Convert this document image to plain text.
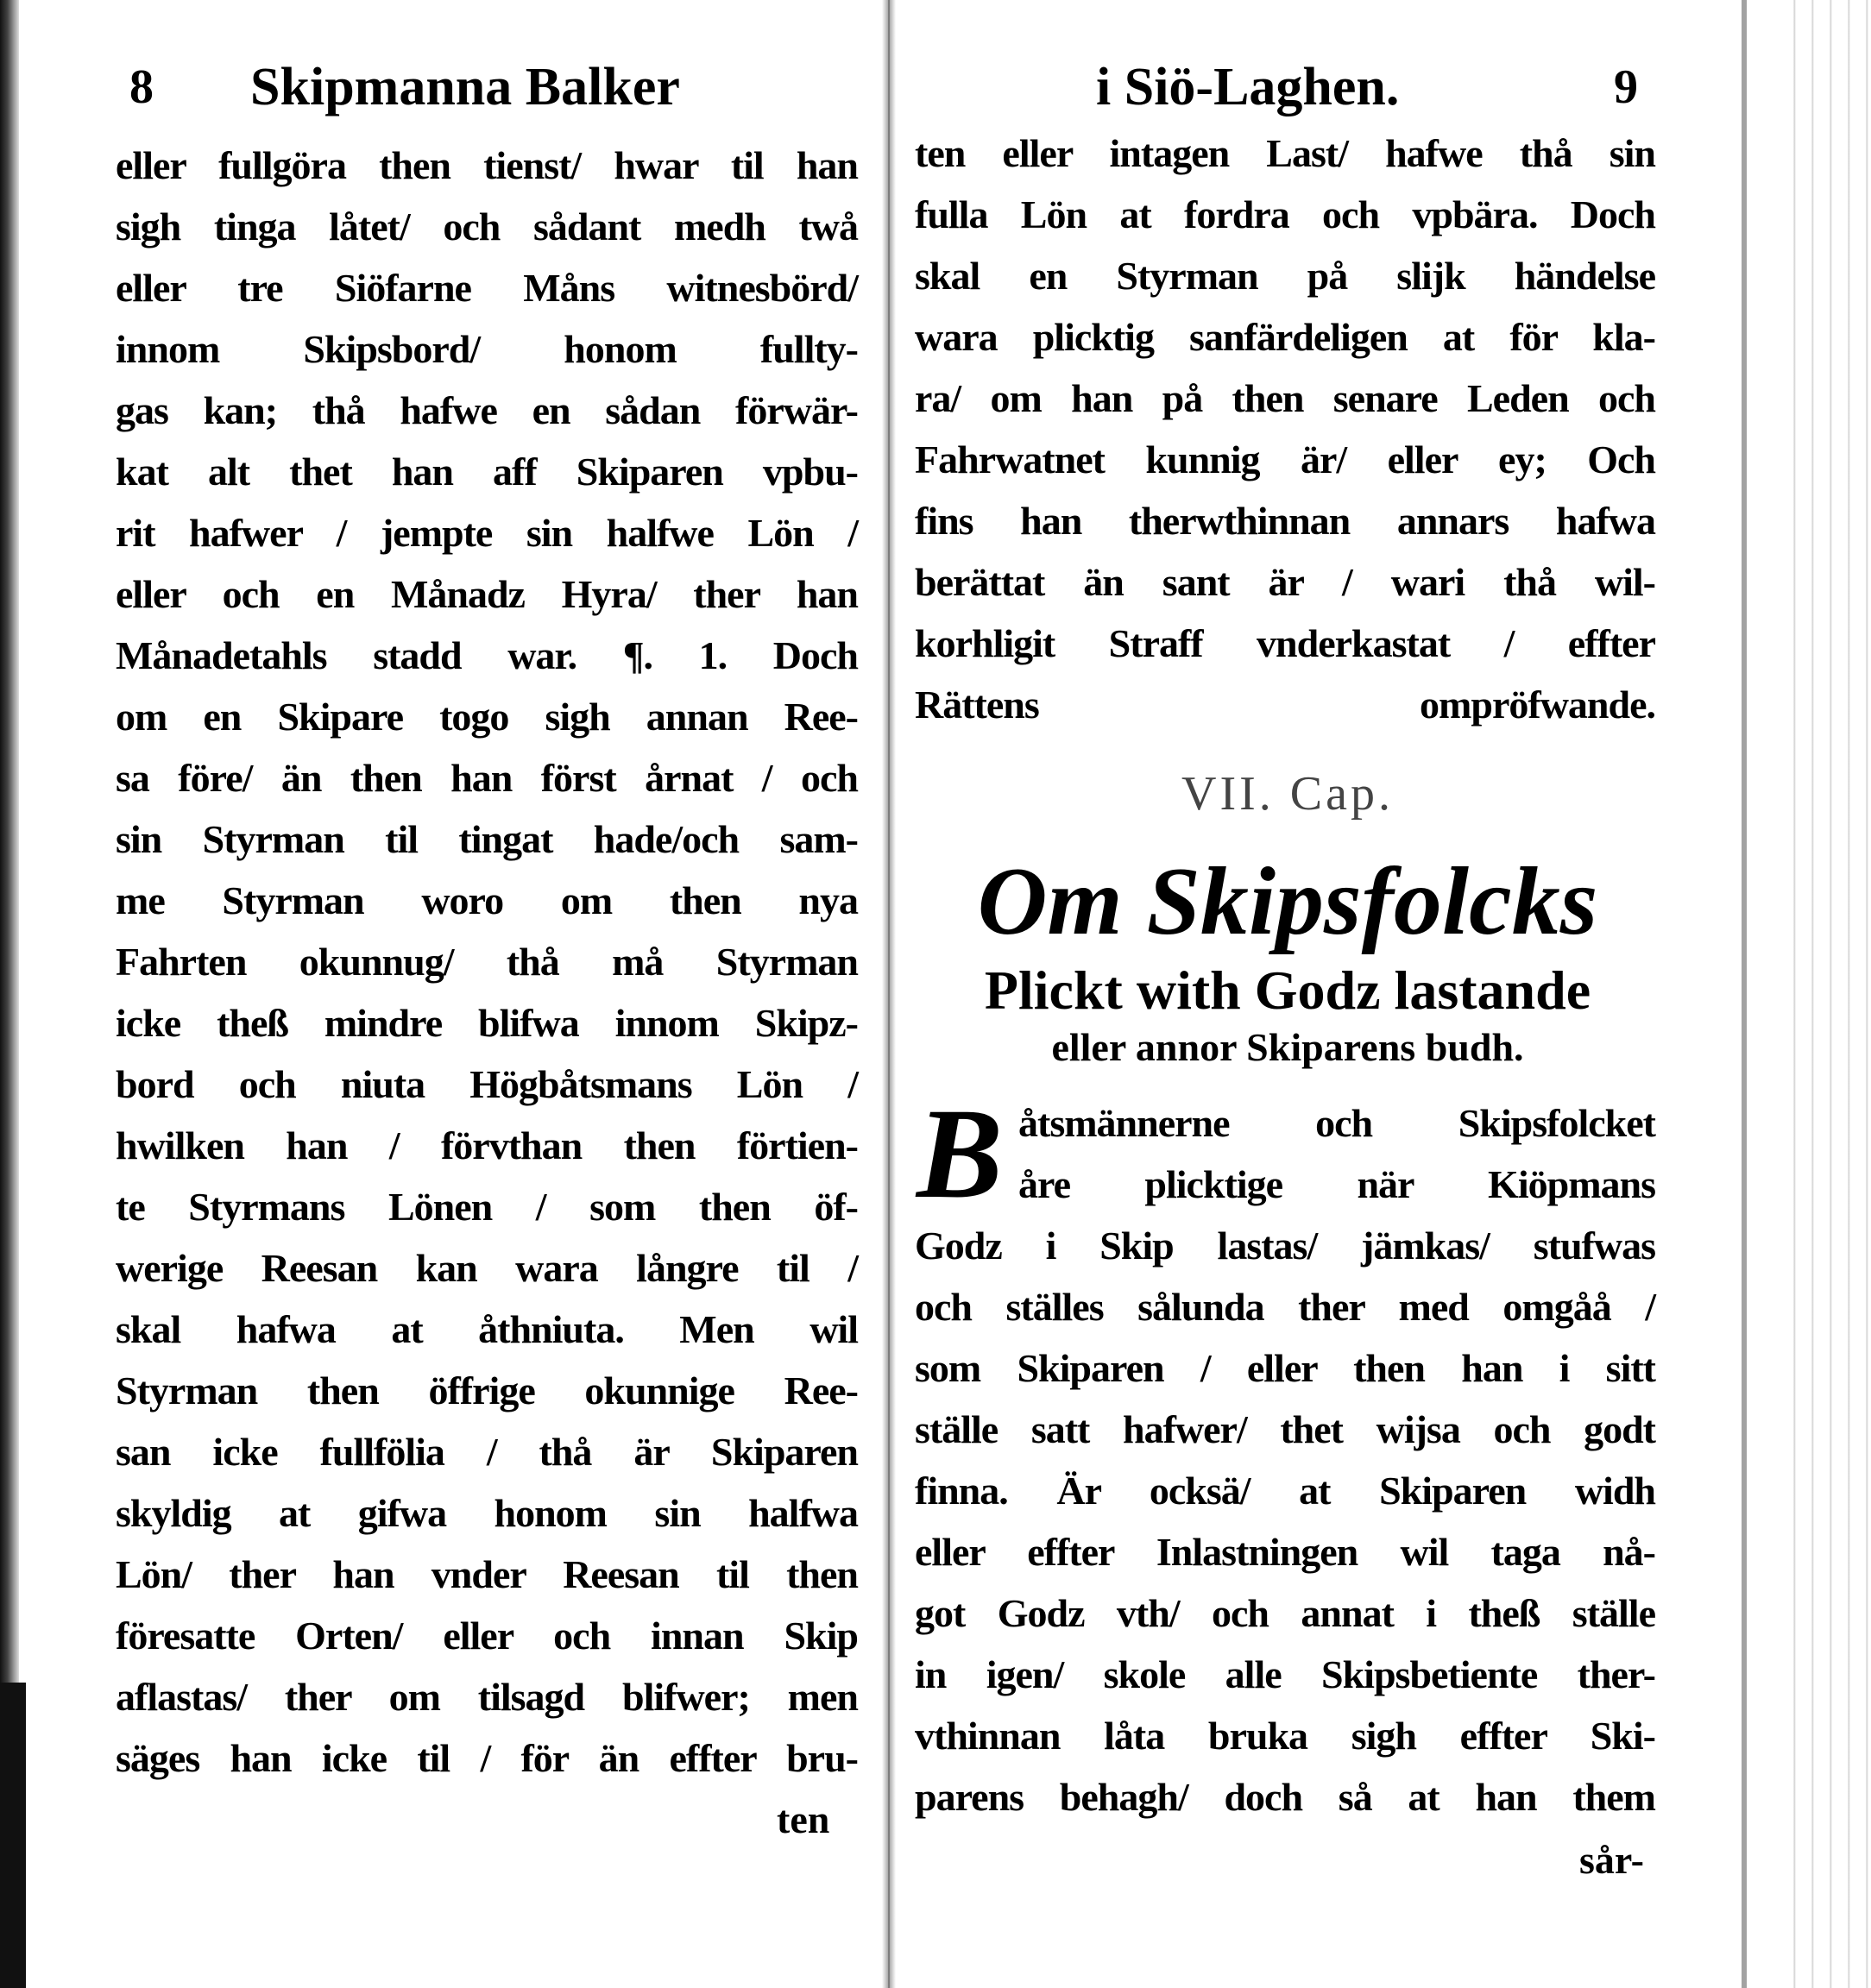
8 Skipmanna Balker
eller fullgöra then tienst/ hwar til han
sigh tinga låtet/ och sådant medh twå
eller tre Siöfarne Måns witnesbörd/
innom Skipsbord/ honom fullty-
gas kan; thå hafwe en sådan förwär-
kat alt thet han aff Skiparen vpbu-
rit hafwer / jempte sin halfwe Lön /
eller och en Månadz Hyra/ ther han
Månadetahls stadd war. ¶. 1. Doch
om en Skipare togo sigh annan Ree-
sa före/ än then han först årnat / och
sin Styrman til tingat hade/och sam-
me Styrman woro om then nya
Fahrten okunnug/ thå må Styrman
icke theß mindre blifwa innom Skipz-
bord och niuta Högbåtsmans Lön /
hwilken han / förvthan then förtien-
te Styrmans Lönen / som then öf-
werige Reesan kan wara långre til /
skal hafwa at åthniuta. Men wil
Styrman then öffrige okunnige Ree-
san icke fullfölia / thå är Skiparen
skyldig at gifwa honom sin halfwa
Lön/ ther han vnder Reesan til then
föresatte Orten/ eller och innan Skip
aflastas/ ther om tilsagd blifwer; men
säges han icke til / för än effter bru-
ten
i Siö-Laghen.	9
ten eller intagen Last/ hafwe thå sin
fulla Lön at fordra och vpbära. Doch
skal en Styrman på slijk händelse
wara plicktig sanfärdeligen at för kla-
ra/ om han på then senare Leden och
Fahrwatnet kunnig är/ eller ey; Och
fins han therwthinnan annars hafwa
berättat än sant är / wari thå wil-
korhligit Straff vnderkastat / effter
Rättens ompröfwande.
VII. Cap.
Om Skipsfolcks
Plickt with Godz lastande
eller annor Skiparens budh.
B åtsmännerne och Skipsfolcket
åre plicktige när Kiöpmans
Godz i Skip lastas/ jämkas/ stufwas
och ställes sålunda ther med omgåå /
som Skiparen / eller then han i sitt
ställe satt hafwer/ thet wijsa och godt
finna. Är ocksä/ at Skiparen widh
eller effter Inlastningen wil taga nå-
got Godz vth/ och annat i theß ställe
in igen/ skole alle Skipsbetiente ther-
vthinnan låta bruka sigh effter Ski-
parens behagh/ doch så at han them
sår-
